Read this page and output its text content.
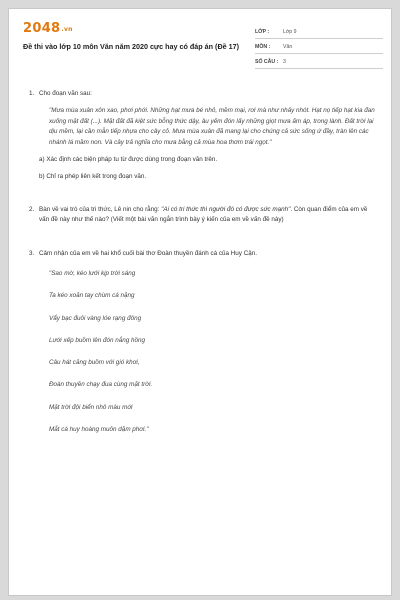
2048.vn
Đề thi vào lớp 10 môn Văn năm 2020 cực hay có đáp án (Đề 17)
LỚP :	Lớp 9
MÔN : Văn
SỐ CÂU : 3
1. Cho đoạn văn sau:
"Mưa mùa xuân xôn xao, phơi phới. Những hạt mưa bé nhỏ, mềm mại, rơi mà như nhảy nhót. Hạt nọ tiếp hạt kia đan xuống mặt đất (...). Mặt đất đã kiệt sức bỗng thức dậy, âu yếm đón lấy những giọt mưa ấm áp, trong lành. Đất trời lại dịu mềm, lại cần mẫn tiếp nhựa cho cây cỏ. Mưa mùa xuân đã mang lại cho chúng cả sức sống ứ đầy, tràn lên các nhánh lá mầm non. Và cây trả nghĩa cho mưa bằng cả mùa hoa thơm trái ngọt."
a) Xác định các biện pháp tu từ được dùng trong đoạn văn trên.
b) Chỉ ra phép liên kết trong đoạn văn.
2. Bàn về vai trò của tri thức, Lê nin cho rằng: "Ai có tri thức thì người đó có được sức mạnh". Còn quan điểm của em về vấn đề này như thế nào? (Viết một bài văn ngắn trình bày ý kiến của em về vấn đề này)
3. Cảm nhận của em về hai khổ cuối bài thơ Đoàn thuyền đánh cá của Huy Cận.
"Sao mờ, kéo lưới kịp trời sáng
Ta kéo xoăn tay chùm cá nặng
Vẩy bạc đuôi vàng lóe rạng đông
Lưới xếp buồm lên đón nắng hồng
Câu hát căng buồm với gió khơi,
Đoàn thuyền chạy đua cùng mặt trời.
Mặt trời đội biển nhô màu mới
Mắt cá huy hoàng muôn dặm phơi."
